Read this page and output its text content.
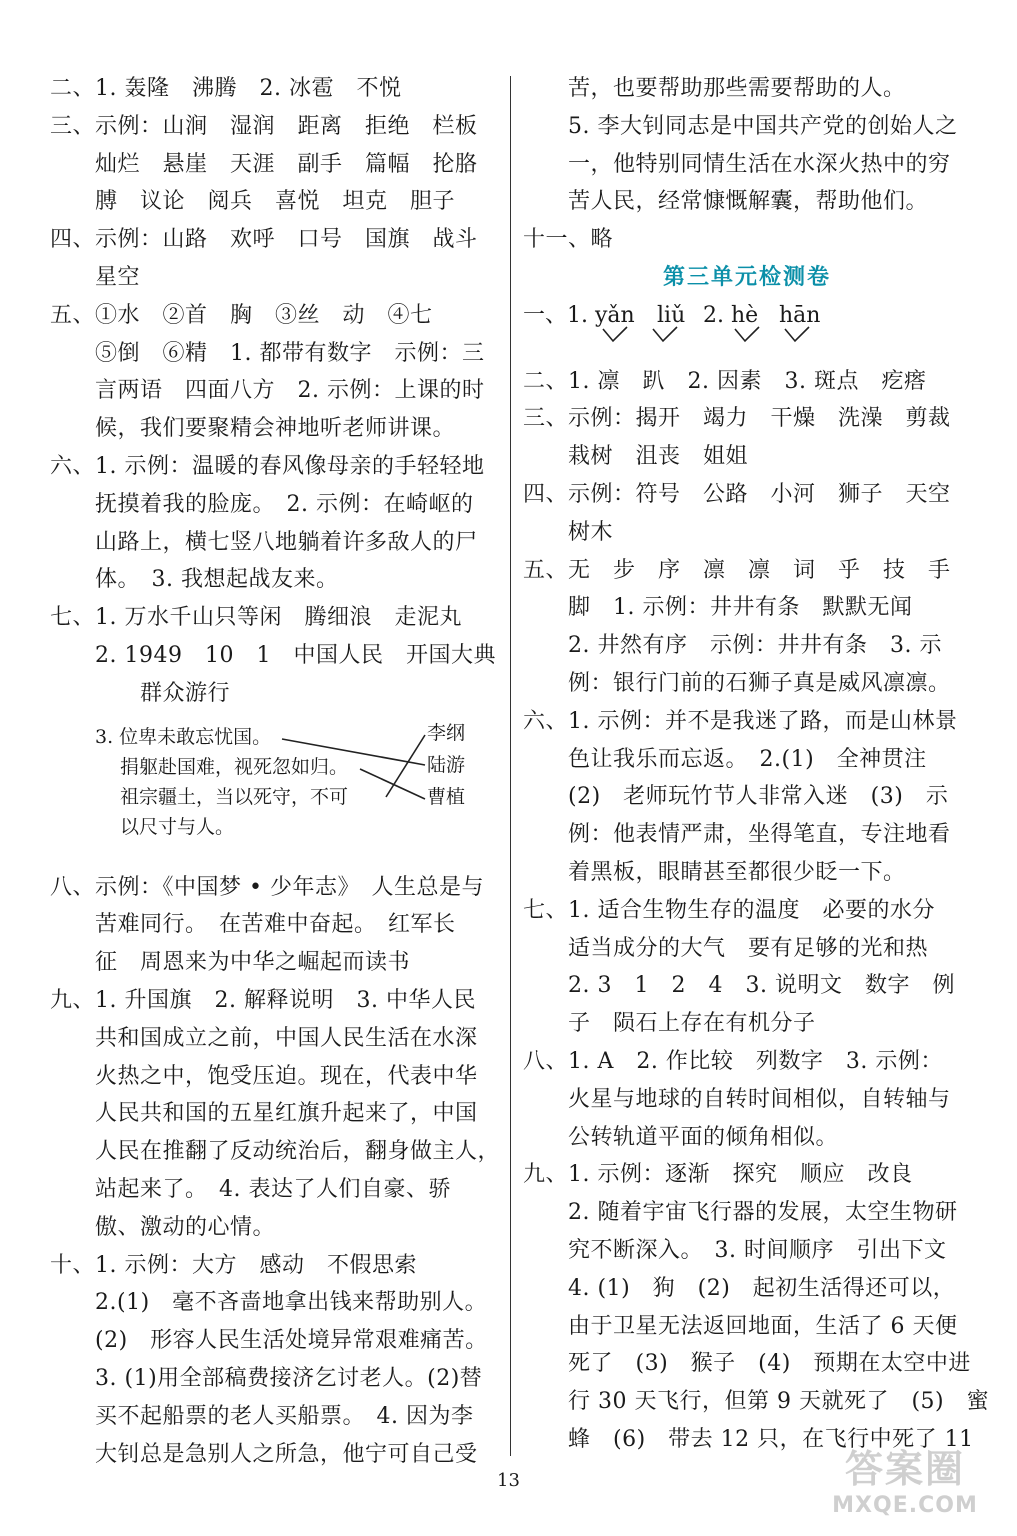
二、1. 轰隆　沸腾　2. 冰雹　不悦
三、示例：山涧　湿润　距离　拒绝　栏板
灿烂　悬崖　天涯　副手　篇幅　抡胳
膊　议论　阅兵　喜悦　坦克　胆子
四、示例：山路　欢呼　口号　国旗　战斗
星空
五、①水　②首　胸　③丝　动　④七
⑤倒　⑥精　1. 都带有数字　示例：三
言两语　四面八方　2. 示例：上课的时
候，我们要聚精会神地听老师讲课。
六、1. 示例：温暖的春风像母亲的手轻轻地
抚摸着我的脸庞。　2. 示例：在崎岖的
山路上，横七竖八地躺着许多敌人的尸
体。　3. 我想起战友来。
七、1. 万水千山只等闲　腾细浪　走泥丸
2. 1949　10　1　中国人民　开国大典
群众游行
3. 位卑未敢忘忧国。
捐躯赴国难，视死忽如归。
祖宗疆土，当以死守，不可
以尺寸与人。
李纲
陆游
曹植
八、示例：《中国梦 • 少年志》　人生总是与
苦难同行。　在苦难中奋起。　红军长
征　周恩来为中华之崛起而读书
九、1. 升国旗　2. 解释说明　3. 中华人民
共和国成立之前，中国人民生活在水深
火热之中，饱受压迫。现在，代表中华
人民共和国的五星红旗升起来了，中国
人民在推翻了反动统治后，翻身做主人，
站起来了。　4. 表达了人们自豪、骄
傲、激动的心情。
十、1. 示例：大方　感动　不假思索
2.(1)　毫不吝啬地拿出钱来帮助别人。
(2)　形容人民生活处境异常艰难痛苦。
3. (1)用全部稿费接济乞讨老人。(2)替
买不起船票的老人买船票。　4. 因为李
大钊总是急别人之所急，他宁可自己受
苦，也要帮助那些需要帮助的人。
5. 李大钊同志是中国共产党的创始人之
一，他特别同情生活在水深火热中的穷
苦人民，经常慷慨解囊，帮助他们。
十一、略
第三单元检测卷
一、1. yǎn liǔ 2. hè hān
二、1. 凛　趴　2. 因素　3. 斑点　疙瘩
三、示例：揭开　竭力　干燥　洗澡　剪裁
栽树　沮丧　姐姐
四、示例：符号　公路　小河　狮子　天空
树木
五、无　步　序　凛　凛　词　乎　技　手
脚　1. 示例：井井有条　默默无闻
2. 井然有序　示例：井井有条　3. 示
例：银行门前的石狮子真是威风凛凛。
六、1. 示例：并不是我迷了路，而是山林景
色让我乐而忘返。　2.(1)　全神贯注
(2)　老师玩竹节人非常入迷　(3)　示
例：他表情严肃，坐得笔直，专注地看
着黑板，眼睛甚至都很少眨一下。
七、1. 适合生物生存的温度　必要的水分
适当成分的大气　要有足够的光和热
2. 3　1　2　4　3. 说明文　数字　例
子　陨石上存在有机分子
八、1. A　2. 作比较　列数字　3. 示例：
火星与地球的自转时间相似，自转轴与
公转轨道平面的倾角相似。
九、1. 示例：逐渐　探究　顺应　改良
2. 随着宇宙飞行器的发展，太空生物研
究不断深入。　3. 时间顺序　引出下文
4. (1)　狗　(2)　起初生活得还可以，
由于卫星无法返回地面，生活了 6 天便
死了　(3)　猴子　(4)　预期在太空中进
行 30 天飞行，但第 9 天就死了　(5)　蜜
蜂　(6)　带去 12 只，在飞行中死了 11
13	答案圈
MXQE.COM
